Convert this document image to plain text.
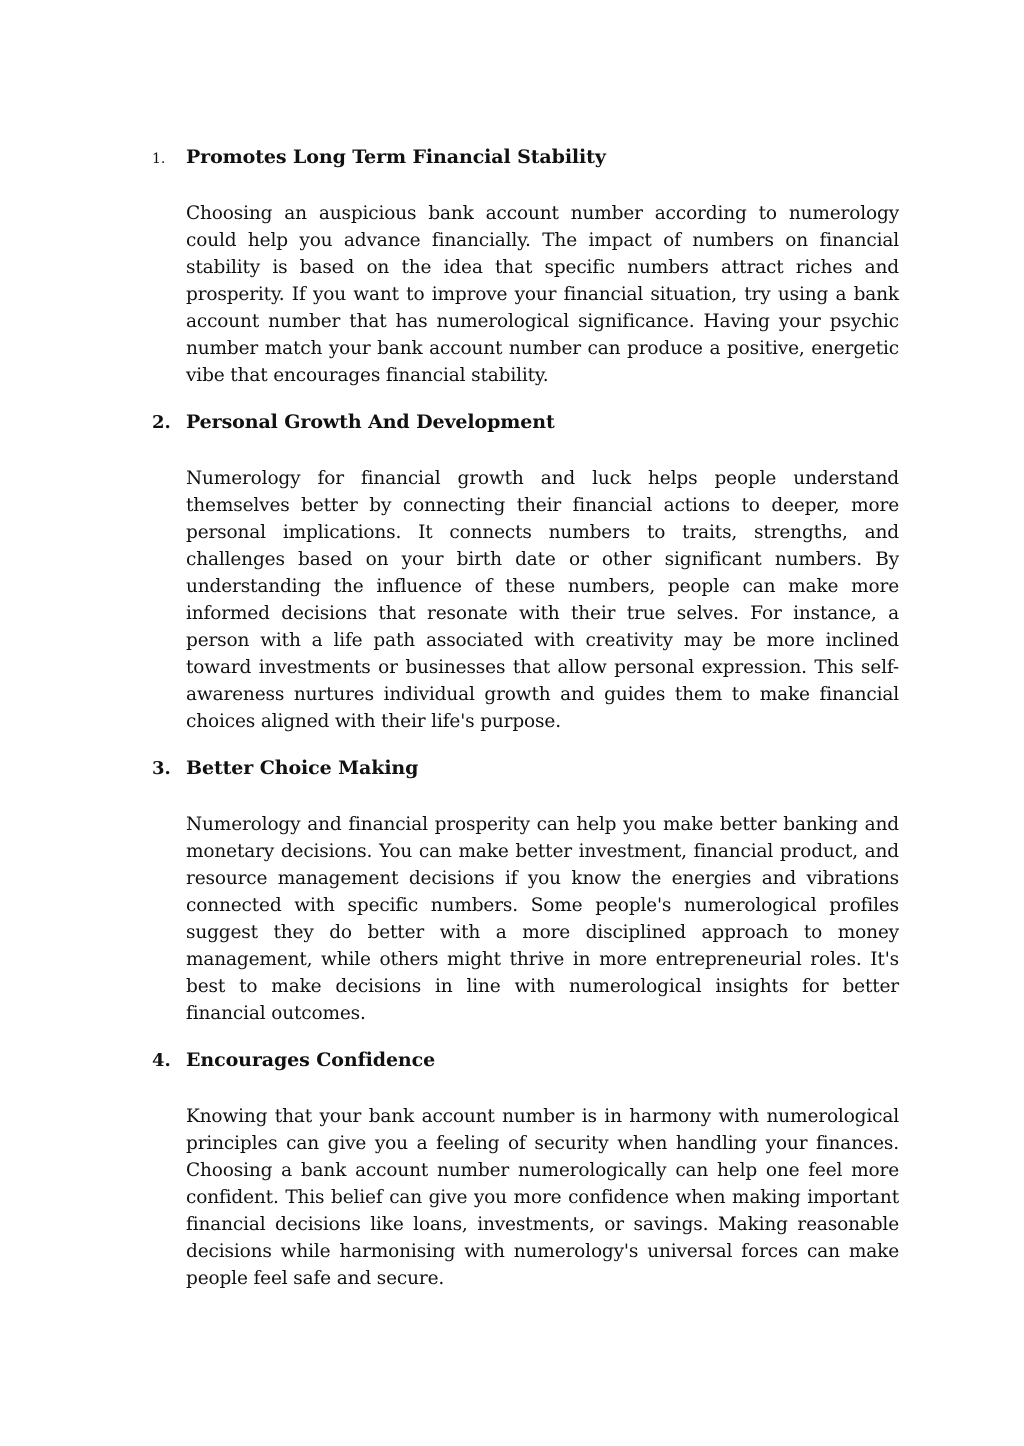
1.	Promotes Long Term Financial Stability

Choosing an auspicious bank account number according to numerology could help you advance financially. The impact of numbers on financial stability is based on the idea that specific numbers attract riches and prosperity. If you want to improve your financial situation, try using a bank account number that has numerological significance. Having your psychic number match your bank account number can produce a positive, energetic vibe that encourages financial stability.

2. Personal Growth And Development

Numerology for financial growth and luck helps people understand themselves better by connecting their financial actions to deeper, more personal implications. It connects numbers to traits, strengths, and challenges based on your birth date or other significant numbers. By understanding the influence of these numbers, people can make more informed decisions that resonate with their true selves. For instance, a person with a life path associated with creativity may be more inclined toward investments or businesses that allow personal expression. This self-awareness nurtures individual growth and guides them to make financial choices aligned with their life's purpose.

3. Better Choice Making

Numerology and financial prosperity can help you make better banking and monetary decisions. You can make better investment, financial product, and resource management decisions if you know the energies and vibrations connected with specific numbers. Some people's numerological profiles suggest they do better with a more disciplined approach to money management, while others might thrive in more entrepreneurial roles. It's best to make decisions in line with numerological insights for better financial outcomes.

4. Encourages Confidence

Knowing that your bank account number is in harmony with numerological principles can give you a feeling of security when handling your finances. Choosing a bank account number numerologically can help one feel more confident. This belief can give you more confidence when making important financial decisions like loans, investments, or savings. Making reasonable decisions while harmonising with numerology's universal forces can make people feel safe and secure.
